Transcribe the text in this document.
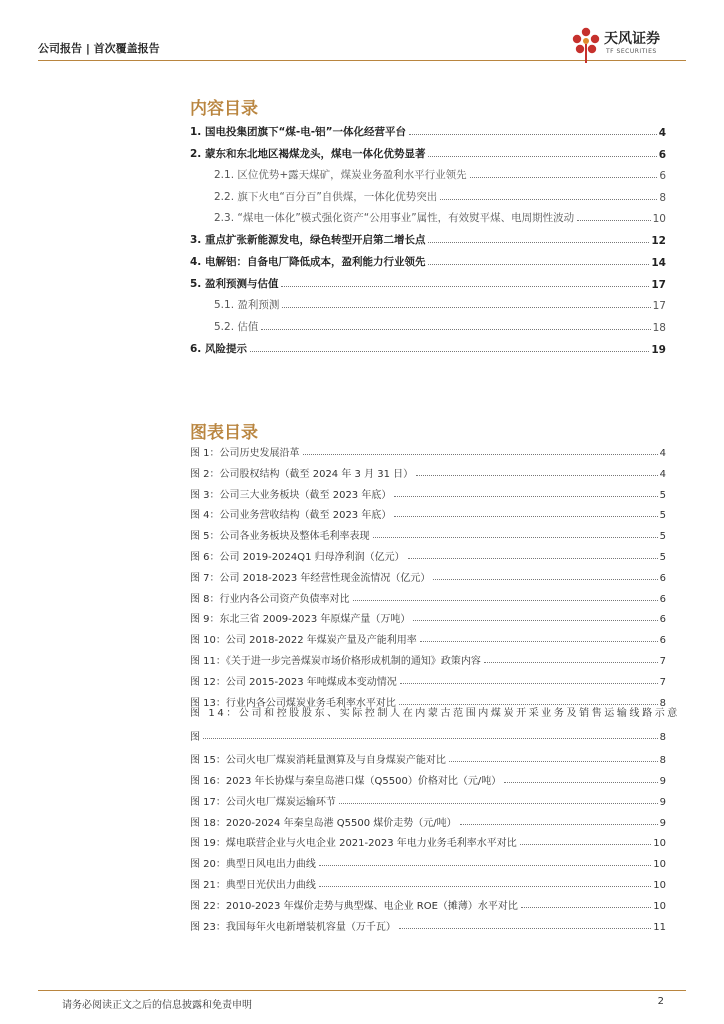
公司报告 | 首次覆盖报告
天风证券
TF SECURITIES
内容目录
1. 国电投集团旗下“煤-电-铝”一体化经营平台	4
2. 蒙东和东北地区褐煤龙头，煤电一体化优势显著	6
2.1. 区位优势+露天煤矿，煤炭业务盈利水平行业领先	6
2.2. 旗下火电“百分百”自供煤，一体化优势突出	8
2.3. “煤电一体化”模式强化资产“公用事业”属性，有效熨平煤、电周期性波动	10
3. 重点扩张新能源发电，绿色转型开启第二增长点	12
4. 电解铝：自备电厂降低成本，盈利能力行业领先	14
5. 盈利预测与估值	17
5.1. 盈利预测	17
5.2. 估值	18
6. 风险提示	19
图表目录
图 1：公司历史发展沿革	4
图 2：公司股权结构（截至 2024 年 3 月 31 日）	4
图 3：公司三大业务板块（截至 2023 年底）	5
图 4：公司业务营收结构（截至 2023 年底）	5
图 5：公司各业务板块及整体毛利率表现	5
图 6：公司 2019-2024Q1 归母净利润（亿元）	5
图 7：公司 2018-2023 年经营性现金流情况（亿元）	6
图 8：行业内各公司资产负债率对比	6
图 9：东北三省 2009-2023 年原煤产量（万吨）	6
图 10：公司 2018-2022 年煤炭产量及产能利用率	6
图 11：《关于进一步完善煤炭市场价格形成机制的通知》政策内容	7
图 12：公司 2015-2023 年吨煤成本变动情况	7
图 13：行业内各公司煤炭业务毛利率水平对比	8
图 14：公司和控股股东、实际控制人在内蒙古范围内煤炭开采业务及销售运输线路示意
图	8
图 15：公司火电厂煤炭消耗量测算及与自身煤炭产能对比	8
图 16：2023 年长协煤与秦皇岛港口煤（Q5500）价格对比（元/吨）	9
图 17：公司火电厂煤炭运输环节	9
图 18：2020-2024 年秦皇岛港 Q5500 煤价走势（元/吨）	9
图 19：煤电联营企业与火电企业 2021-2023 年电力业务毛利率水平对比	10
图 20：典型日风电出力曲线	10
图 21：典型日光伏出力曲线	10
图 22：2010-2023 年煤价走势与典型煤、电企业 ROE（摊薄）水平对比	10
图 23：我国每年火电新增装机容量（万千瓦）	11
请务必阅读正文之后的信息披露和免责申明	2
